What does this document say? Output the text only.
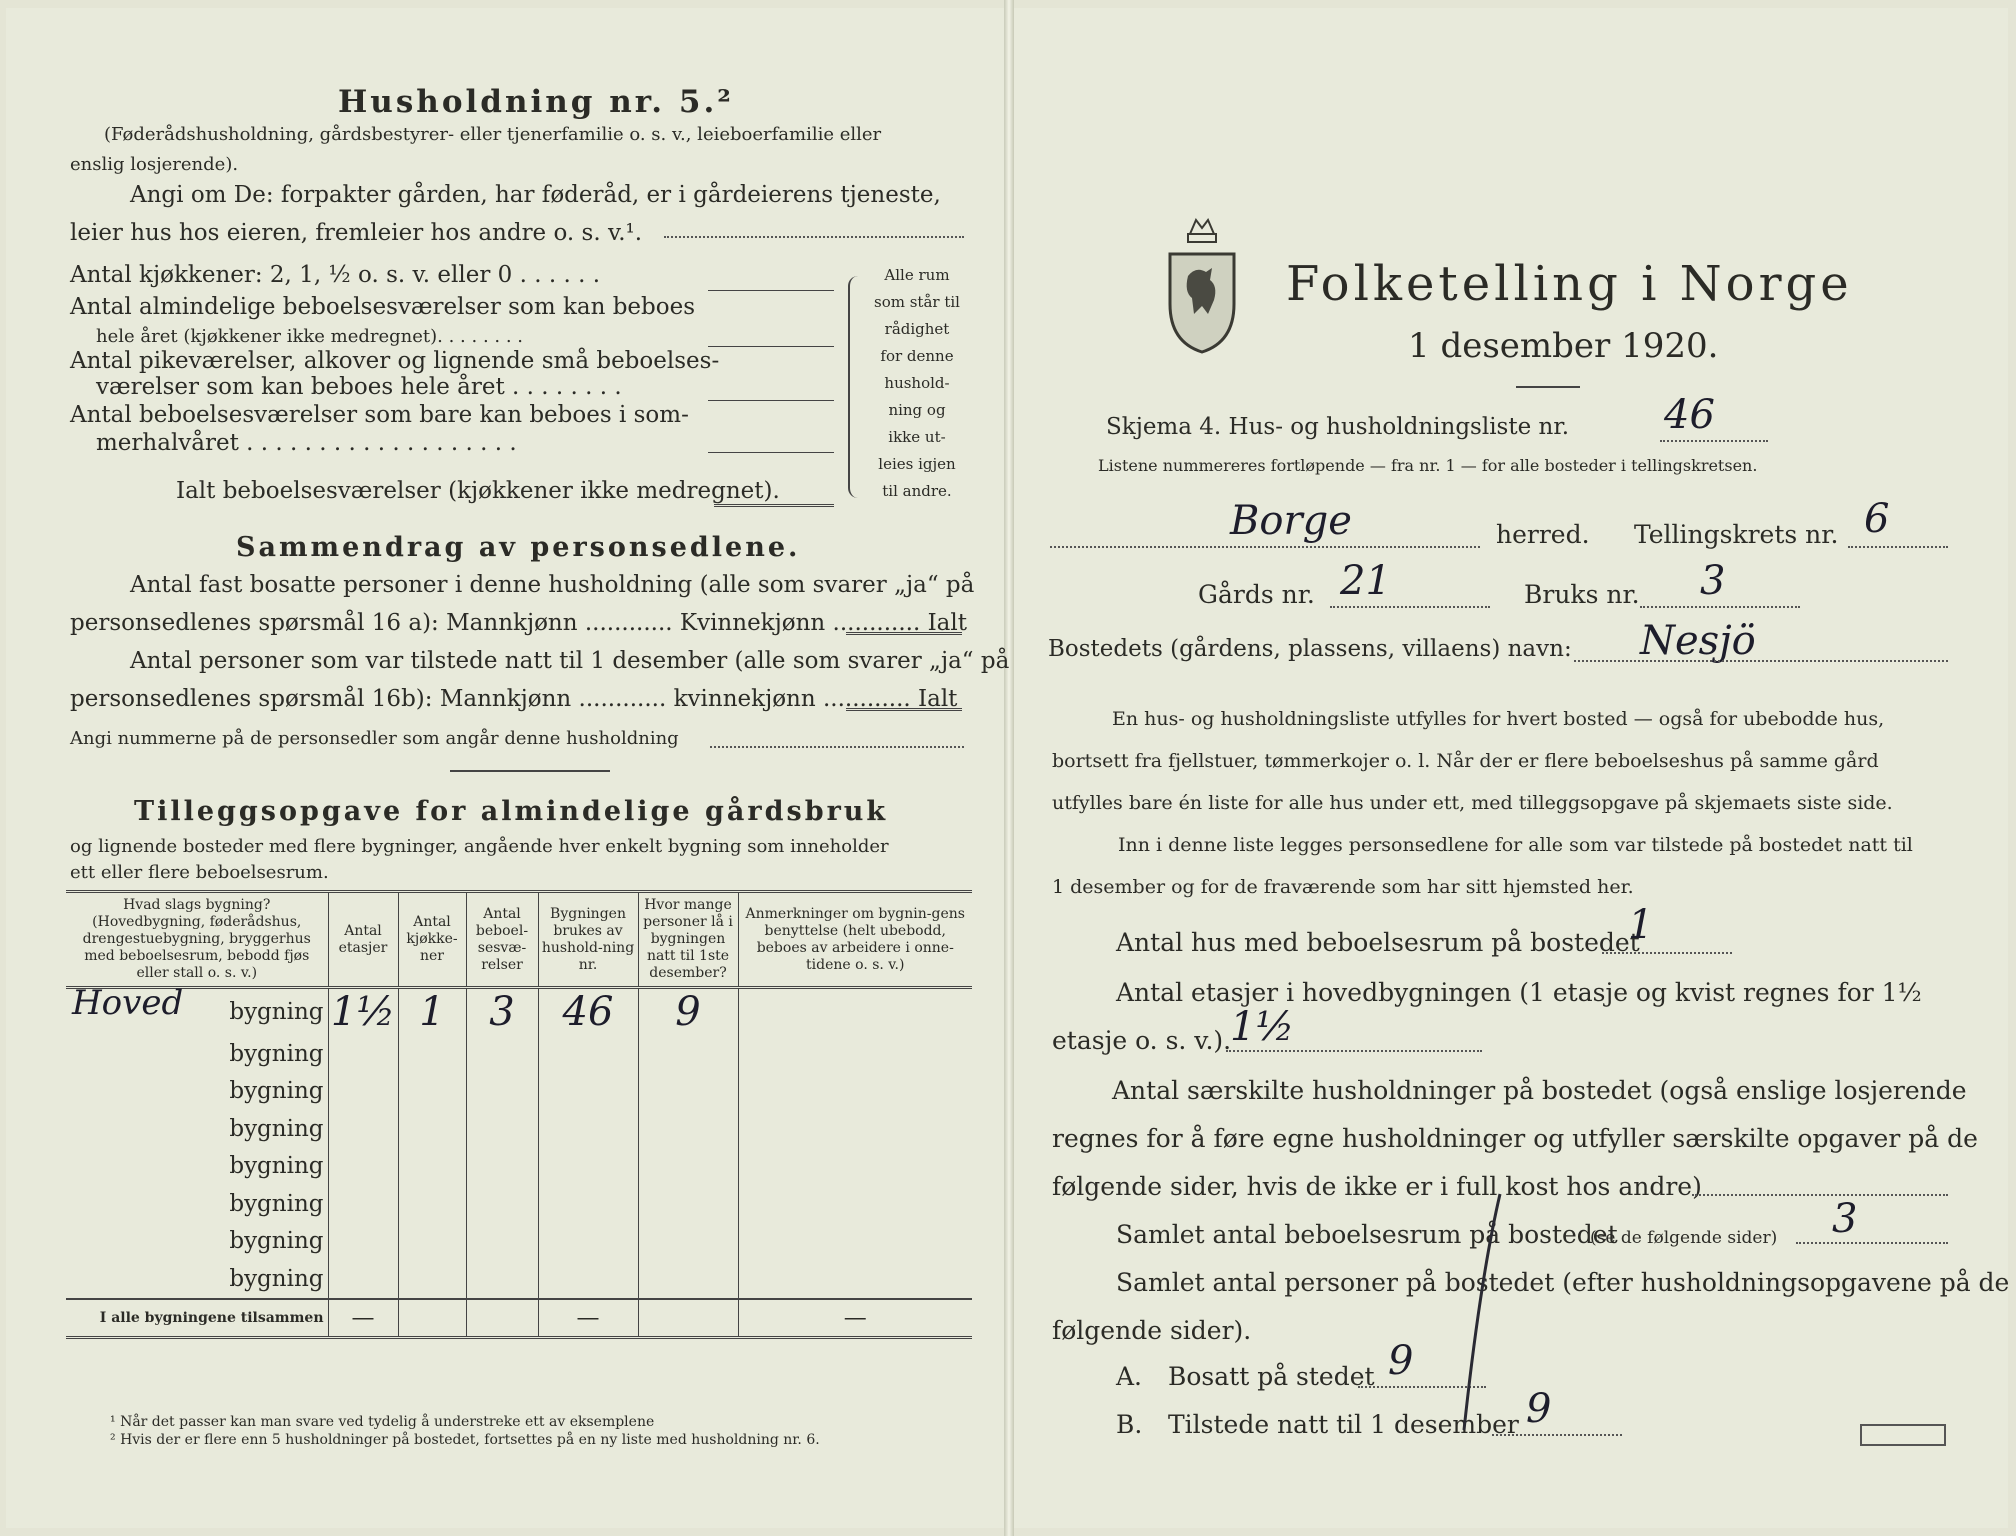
Husholdning nr. 5.²
(Føderådshusholdning, gårdsbestyrer- eller tjenerfamilie o. s. v., leieboerfamilie eller
enslig losjerende).
Angi om De: forpakter gården, har føderåd, er i gårdeierens tjeneste,
leier hus hos eieren, fremleier hos andre o. s. v.¹.
Antal kjøkkener: 2, 1, ½ o. s. v. eller 0 . . . . . .
Antal almindelige beboelsesværelser som kan beboes
hele året (kjøkkener ikke medregnet). . . . . . . .
Antal pikeværelser, alkover og lignende små beboelses-
værelser som kan beboes hele året . . . . . . . .
Antal beboelsesværelser som bare kan beboes i som-
merhalvåret . . . . . . . . . . . . . . . . . . .
Ialt beboelsesværelser (kjøkkener ikke medregnet).
Alle rum
som står til
rådighet
for denne
hushold-
ning og
ikke ut-
leies igjen
til andre.
Sammendrag av personsedlene.
Antal fast bosatte personer i denne husholdning (alle som svarer „ja“ på
personsedlenes spørsmål 16 a): Mannkjønn ............ Kvinnekjønn ............ Ialt
Antal personer som var tilstede natt til 1 desember (alle som svarer „ja“ på
personsedlenes spørsmål 16b): Mannkjønn ............ kvinnekjønn ............ Ialt
Angi nummerne på de personsedler som angår denne husholdning
Tilleggsopgave for almindelige gårdsbruk
og lignende bosteder med flere bygninger, angående hver enkelt bygning som inneholder
ett eller flere beboelsesrum.
Hvad slags bygning? (Hovedbygning, føderådshus, drengestuebygning, bryggerhus med beboelsesrum, bebodd fjøs eller stall o. s. v.)	Antal etasjer	Antal kjøkke-ner	Antal beboel-sesvæ-relser	Bygningen brukes av hushold-ning nr.	Hvor mange personer lå i bygningen natt til 1ste desember?	Anmerkninger om bygnin-gens benyttelse (helt ubebodd, beboes av arbeidere i onne-tidene o. s. v.)

Hoved bygning	1½	1	3	46	9	
bygning						
bygning						
bygning						
bygning						
bygning						
bygning						
bygning						
I alle bygningene tilsammen	—			—		—
¹ Når det passer kan man svare ved tydelig å understreke ett av eksemplene
² Hvis der er flere enn 5 husholdninger på bostedet, fortsettes på en ny liste med husholdning nr. 6.
Folketelling i Norge
1 desember 1920.
Skjema 4. Hus- og husholdningsliste nr. 46
Listene nummereres fortløpende — fra nr. 1 — for alle bosteder i tellingskretsen.
Borge	herred. Tellingskrets nr. 6
Gårds nr. 21	Bruks nr. 3
Bostedets (gårdens, plassens, villaens) navn: Nesjö
En hus- og husholdningsliste utfylles for hvert bosted — også for ubebodde hus,
bortsett fra fjellstuer, tømmerkojer o. l. Når der er flere beboelseshus på samme gård
utfylles bare én liste for alle hus under ett, med tilleggsopgave på skjemaets siste side.
Inn i denne liste legges personsedlene for alle som var tilstede på bostedet natt til
1 desember og for de fraværende som har sitt hjemsted her.
Antal hus med beboelsesrum på bostedet
1
Antal etasjer i hovedbygningen (1 etasje og kvist regnes for 1½
etasje o. s. v.).
1½
Antal særskilte husholdninger på bostedet (også enslige losjerende
regnes for å føre egne husholdninger og utfyller særskilte opgaver på de
følgende sider, hvis de ikke er i full kost hos andre)
Samlet antal beboelsesrum på bostedet
(se de følgende sider) 3
Samlet antal personer på bostedet (efter husholdningsopgavene på de
følgende sider).
A. Bosatt på stedet 9
B. Tilstede natt til 1 desember 9
